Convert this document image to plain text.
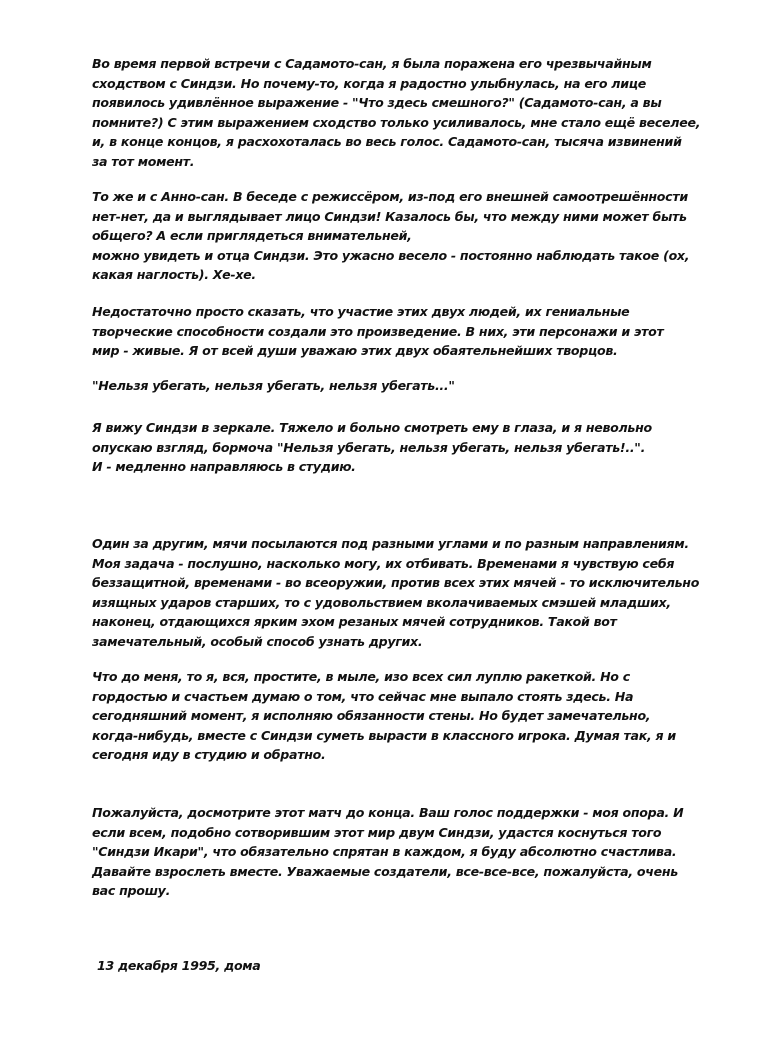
Во время первой встречи с Садамото-сан, я была поражена его чрезвычайным
сходством с Синдзи. Но почему-то, когда я радостно улыбнулась, на его лице
появилось удивлённое выражение - "Что здесь смешного?" (Садамото-сан, а вы
помните?) С этим выражением сходство только усиливалось, мне стало ещё веселее,
и, в конце концов, я расхохоталась во весь голос. Садамото-сан, тысяча извинений
за тот момент.
То же и с Анно-сан. В беседе с режиссёром, из-под его внешней самоотрешённости
нет-нет, да и выглядывает лицо Синдзи! Казалось бы, что между ними может быть
общего? А если приглядеться внимательней,
можно увидеть и отца Синдзи. Это ужасно весело - постоянно наблюдать такое (ох,
какая наглость). Хе-хе.
Недостаточно просто сказать, что участие этих двух людей, их гениальные
творческие способности создали это произведение. В них, эти персонажи и этот
мир - живые. Я от всей души уважаю этих двух обаятельнейших творцов.
"Нельзя убегать, нельзя убегать, нельзя убегать..."
Я вижу Синдзи в зеркале. Тяжело и больно смотреть ему в глаза, и я невольно
опускаю взгляд, бормоча "Нельзя убегать, нельзя убегать, нельзя убегать!..".
И - медленно направляюсь в студию.
Один за другим, мячи посылаются под разными углами и по разным направлениям.
Моя задача - послушно, насколько могу, их отбивать. Временами я чувствую себя
беззащитной, временами - во всеоружии, против всех этих мячей - то исключительно
изящных ударов старших, то с удовольствием вколачиваемых смэшей младших,
наконец, отдающихся ярким эхом резаных мячей сотрудников. Такой вот
замечательный, особый способ узнать других.
Что до меня, то я, вся, простите, в мыле, изо всех сил луплю ракеткой. Но с
гордостью и счастьем думаю о том, что сейчас мне выпало стоять здесь. На
сегодняшний момент, я исполняю обязанности стены. Но будет замечательно,
когда-нибудь, вместе с Синдзи суметь вырасти в классного игрока. Думая так, я и
сегодня иду в студию и обратно.
Пожалуйста, досмотрите этот матч до конца. Ваш голос поддержки - моя опора. И
если всем, подобно сотворившим этот мир двум Синдзи, удастся коснуться того
"Синдзи Икари", что обязательно спрятан в каждом, я буду абсолютно счастлива.
Давайте взрослеть вместе. Уважаемые создатели, все-все-все, пожалуйста, очень
вас прошу.
13 декабря 1995, дома
